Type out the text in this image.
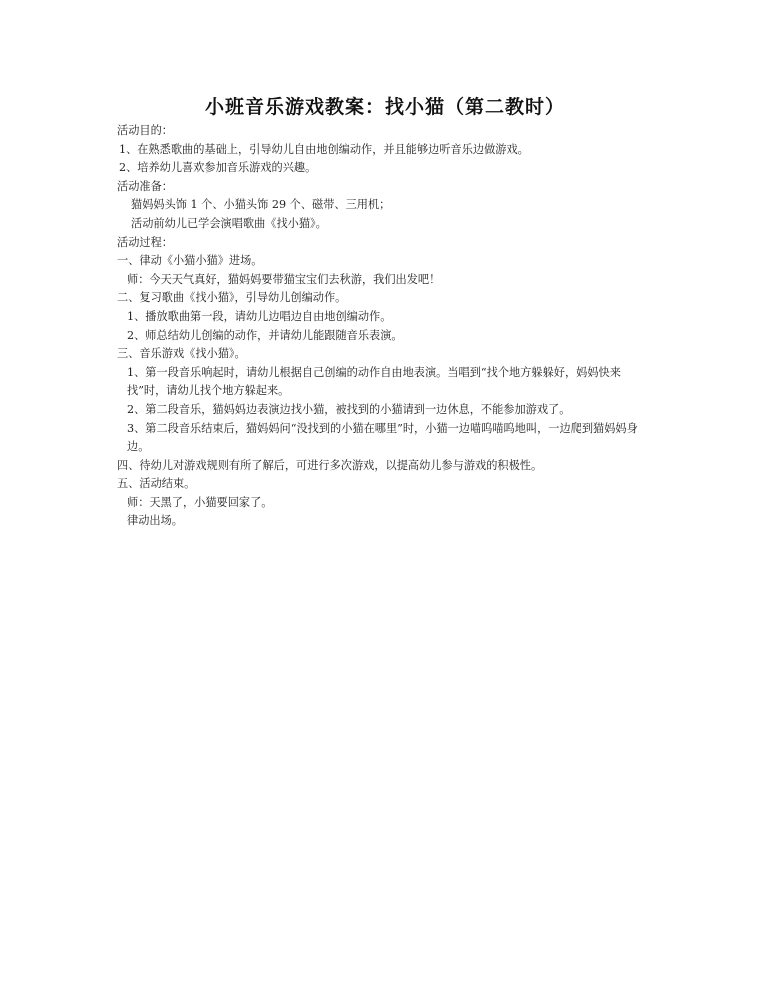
小班音乐游戏教案：找小猫（第二教时）

活动目的：

1、在熟悉歌曲的基础上，引导幼儿自由地创编动作，并且能够边听音乐边做游戏。

2、培养幼儿喜欢参加音乐游戏的兴趣。

活动准备：

猫妈妈头饰 1 个、小猫头饰 29 个、磁带、三用机；

活动前幼儿已学会演唱歌曲《找小猫》。

活动过程：

一、律动《小猫小猫》进场。

师：今天天气真好，猫妈妈要带猫宝宝们去秋游，我们出发吧！

二、复习歌曲《找小猫》，引导幼儿创编动作。

1、播放歌曲第一段，请幼儿边唱边自由地创编动作。

2、师总结幼儿创编的动作，并请幼儿能跟随音乐表演。

三、音乐游戏《找小猫》。

1、第一段音乐响起时，请幼儿根据自己创编的动作自由地表演。当唱到“找个地方躲躲好，妈妈快来找”时，请幼儿找个地方躲起来。

2、第二段音乐，猫妈妈边表演边找小猫，被找到的小猫请到一边休息，不能参加游戏了。

3、第二段音乐结束后，猫妈妈问“没找到的小猫在哪里”时，小猫一边喵呜喵呜地叫，一边爬到猫妈妈身边。

四、待幼儿对游戏规则有所了解后，可进行多次游戏，以提高幼儿参与游戏的积极性。

五、活动结束。

师：天黑了，小猫要回家了。

律动出场。
